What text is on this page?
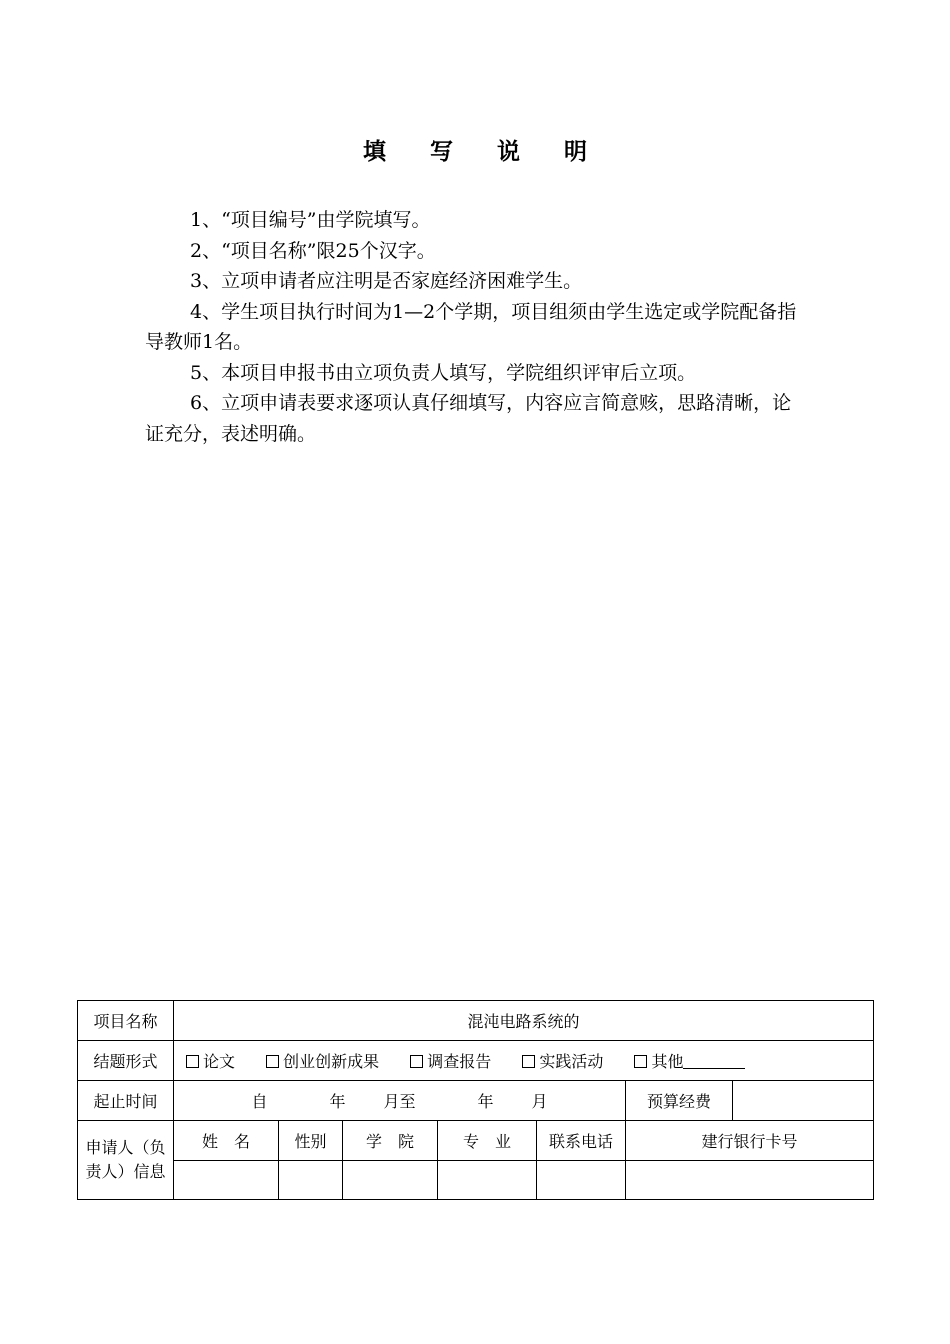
填 写 说 明

1、“项目编号”由学院填写。

2、“项目名称”限25个汉字。

3、立项申请者应注明是否家庭经济困难学生。

4、学生项目执行时间为1—2个学期，项目组须由学生选定或学院配备指导教师1名。

5、本项目申报书由立项负责人填写，学院组织评审后立项。

6、立项申请表要求逐项认真仔细填写，内容应言简意赅，思路清晰，论证充分，表述明确。

项目名称	混沌电路系统的						
结题形式	论文 创业创新成果 调查报告 实践活动 其他						
起止时间	自 年 月至 年 月					预算经费	
申请人（负责人）信息	姓　名	性别	学　院	专　业	联系电话	建行银行卡号	
